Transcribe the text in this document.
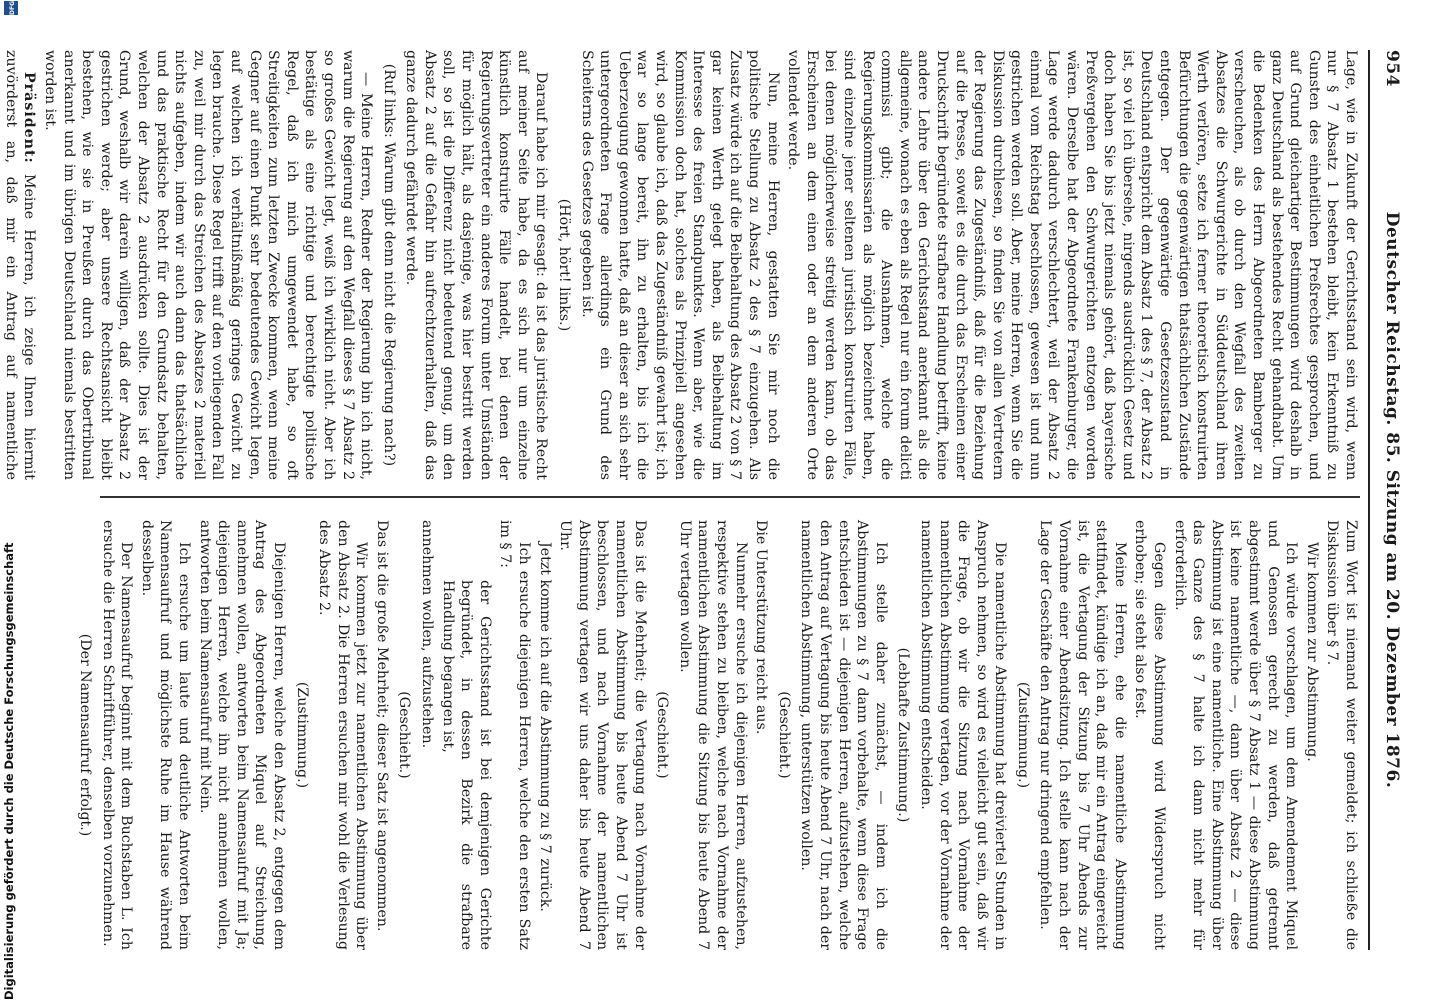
954
Deutscher Reichstag. 85. Sitzung am 20. Dezember 1876.

Lage, wie in Zukunft der Gerichtsstand sein wird, wenn nur § 7 Absatz 1 bestehen bleibt, kein Erkenntniß zu Gunsten des einheitlichen Preßrechtes gesprochen, und auf Grund gleichartiger Bestimmungen wird deshalb in ganz Deutschland als bestehendes Recht gehandhabt. Um die Bedenken des Herrn Abgeordneten Bamberger zu verscheuchen, als ob durch den Wegfall des zweiten Absatzes die Schwurgerichte in Süddeutschland ihren Werth verlören, setze ich ferner theoretisch konstruirten Befürchtungen die gegenwärtigen thatsächlichen Zustände entgegen. Der gegenwärtige Gesetzeszustand in Deutschland entspricht dem Absatz 1 des § 7, der Absatz 2 ist, so viel ich übersehe, nirgends ausdrücklich Gesetz und doch haben Sie bis jetzt niemals gehört, daß bayerische Preßvergehen den Schwurgerichten entzogen worden wären. Derselbe hat der Abgeordnete Frankenburger, die Lage werde dadurch verschlechtert, weil der Absatz 2 einmal vom Reichstag beschlossen, gewesen ist und nun gestrichen werden soll. Aber, meine Herren, wenn Sie die Diskussion durchlesen, so finden Sie von allen Vertretern der Regierung das Zugeständniß, daß für die Beziehung auf die Presse, soweit es die durch das Erscheinen einer Druckschrift begründete strafbare Handlung betrifft, keine andere Lehre über den Gerichtsstand anerkannt als die allgemeine, wonach es eben als Regel nur ein forum delicti commissi gibt; die Ausnahmen, welche die Regierungskommissarien als möglich bezeichnet haben, sind einzelne jener seltenen juristisch konstruirten Fälle, bei denen möglicherweise streitig werden kann, ob das Erscheinen an dem einen oder an dem anderen Orte vollendet werde.

Nun, meine Herren, gestatten Sie mir noch die politische Stellung zu Absatz 2 des § 7 einzugehen. Als Zusatz würde ich auf die Beibehaltung des Absatz 2 von § 7 gar keinen Werth gelegt haben, als Beibehaltung im Interesse des freien Standpunktes. Wenn aber, wie die Kommission doch hat, solches als Prinzipiell angesehen wird, so glaube ich, daß das Zugeständniß gewahrt ist; ich war so lange bereit, ihn zu erhalten, bis ich die Ueberzeugung gewonnen hatte, daß an dieser an sich sehr untergeordneten Frage allerdings ein Grund des Scheiterns des Gesetzes gegeben ist.

(Hört, hört! links.)

Darauf habe ich mir gesagt: da ist das juristische Recht auf meiner Seite habe, da es sich nur um einzelne künstlich konstruirte Fälle handelt, bei denen der Regierungsvertreter ein anderes Forum unter Umständen für möglich hält, als dasjenige, was hier bestritt werden soll, so ist die Differenz nicht bedeutend genug, um den Absatz 2 auf die Gefahr hin aufrechtzuerhalten, daß das ganze dadurch gefährdet werde.

(Ruf links: Warum gibt denn nicht die Regierung nach?)

— Meine Herren, Redner der Regierung bin ich nicht, warum die Regierung auf den Wegfall dieses § 7 Absatz 2 so großes Gewicht legt, weiß ich wirklich nicht. Aber ich bestätige als eine richtige und berechtigte politische Regel, daß ich mich umgewendet habe, so oft Streitigkeiten zum letzten Zwecke kommen, wenn meine Gegner auf einen Punkt sehr bedeutendes Gewicht legen, auf welchen ich verhältnißmäßig geringes Gewicht zu legen brauche. Diese Regel trifft auf den vorliegenden Fall zu, weil mir durch das Streichen des Absatzes 2 materiell nichts aufgeben, indem wir auch dann das thatsächliche und das praktische Recht für den Grundsatz behalten, welchen der Absatz 2 ausdrücken sollte. Dies ist der Grund, weshalb wir darein willigen, daß der Absatz 2 gestrichen werde; aber unsere Rechtsansicht bleibt bestehen, wie sie in Preußen durch das Obertribunal anerkannt und im übrigen Deutschland niemals bestritten worden ist.

Präsident: Meine Herren, ich zeige Ihnen hiermit zuvörderst an, daß mir ein Antrag auf namentliche

Zum Wort ist niemand weiter gemeldet; ich schließe die Diskussion über § 7.

Wir kommen zur Abstimmung.

Ich würde vorschlagen, um dem Amendement Miquel und Genossen gerecht zu werden, daß getrennt abgestimmt werde über § 7 Absatz 1 — diese Abstimmung ist keine namentliche —, dann über Absatz 2 — diese Abstimmung ist eine namentliche. Eine Abstimmung über das Ganze des § 7 halte ich dann nicht mehr für erforderlich.

Gegen diese Abstimmung wird Widerspruch nicht erhoben; sie steht also fest.

Meine Herren, ehe die namentliche Abstimmung stattfindet, kündige ich an, daß mir ein Antrag eingereicht ist, die Vertagung der Sitzung bis 7 Uhr Abends zur Vornahme einer Abendsitzung. Ich stelle kann nach der Lage der Geschäfte den Antrag nur dringend empfehlen.

(Zustimmung.)

Die namentliche Abstimmung hat dreiviertel Stunden in Anspruch nehmen, so wird es vielleicht gut sein, daß wir die Frage, ob wir die Sitzung nach Vornahme der namentlichen Abstimmung vertagen, vor der Vornahme der namentlichen Abstimmung entscheiden.

(Lebhafte Zustimmung.)

Ich stelle daher zunächst, — indem ich die Abstimmungen zu § 7 dann vorbehalte, wenn diese Frage entschieden ist — diejenigen Herren, aufzustehen, welche den Antrag auf Vertagung bis heute Abend 7 Uhr, nach der namentlichen Abstimmung, unterstützen wollen.

(Geschieht.)

Die Unterstützung reicht aus.

Nunmehr ersuche ich diejenigen Herren, aufzustehen, respektive stehen zu bleiben, welche nach Vornahme der namentlichen Abstimmung die Sitzung bis heute Abend 7 Uhr vertagen wollen.

(Geschieht.)

Das ist die Mehrheit; die Vertagung nach Vornahme der namentlichen Abstimmung bis heute Abend 7 Uhr ist beschlossen, und nach Vornahme der namentlichen Abstimmung vertagen wir uns daher bis heute Abend 7 Uhr.

Jetzt komme ich auf die Abstimmung zu § 7 zurück.

Ich ersuche diejenigen Herren, welche den ersten Satz im § 7:

der Gerichtsstand ist bei demjenigen Gerichte begründet, in dessen Bezirk die strafbare Handlung begangen ist,

annehmen wollen, aufzustehen.

(Geschieht.)

Das ist die große Mehrheit; dieser Satz ist angenommen.

Wir kommen jetzt zur namentlichen Abstimmung über den Absatz 2. Die Herren ersuchen mir wohl die Verlesung des Absatz 2.

(Zustimmung.)

Diejenigen Herren, welche den Absatz 2, entgegen dem Antrag des Abgeordneten Miquel auf Streichung, annehmen wollen, antworten beim Namensaufruf mit Ja; diejenigen Herren, welche ihn nicht annehmen wollen, antworten beim Namensaufruf mit Nein.

Ich ersuche um laute und deutliche Antworten beim Namensaufruf und möglichste Ruhe im Hause während desselben.

Der Namensaufruf beginnt mit dem Buchstaben L. Ich ersuche die Herren Schriftführer, denselben vorzunehmen.

(Der Namensaufruf erfolgt.)

Digitalisierung gefördert durch die Deutsche Forschungsgemeinschaft
DFG
